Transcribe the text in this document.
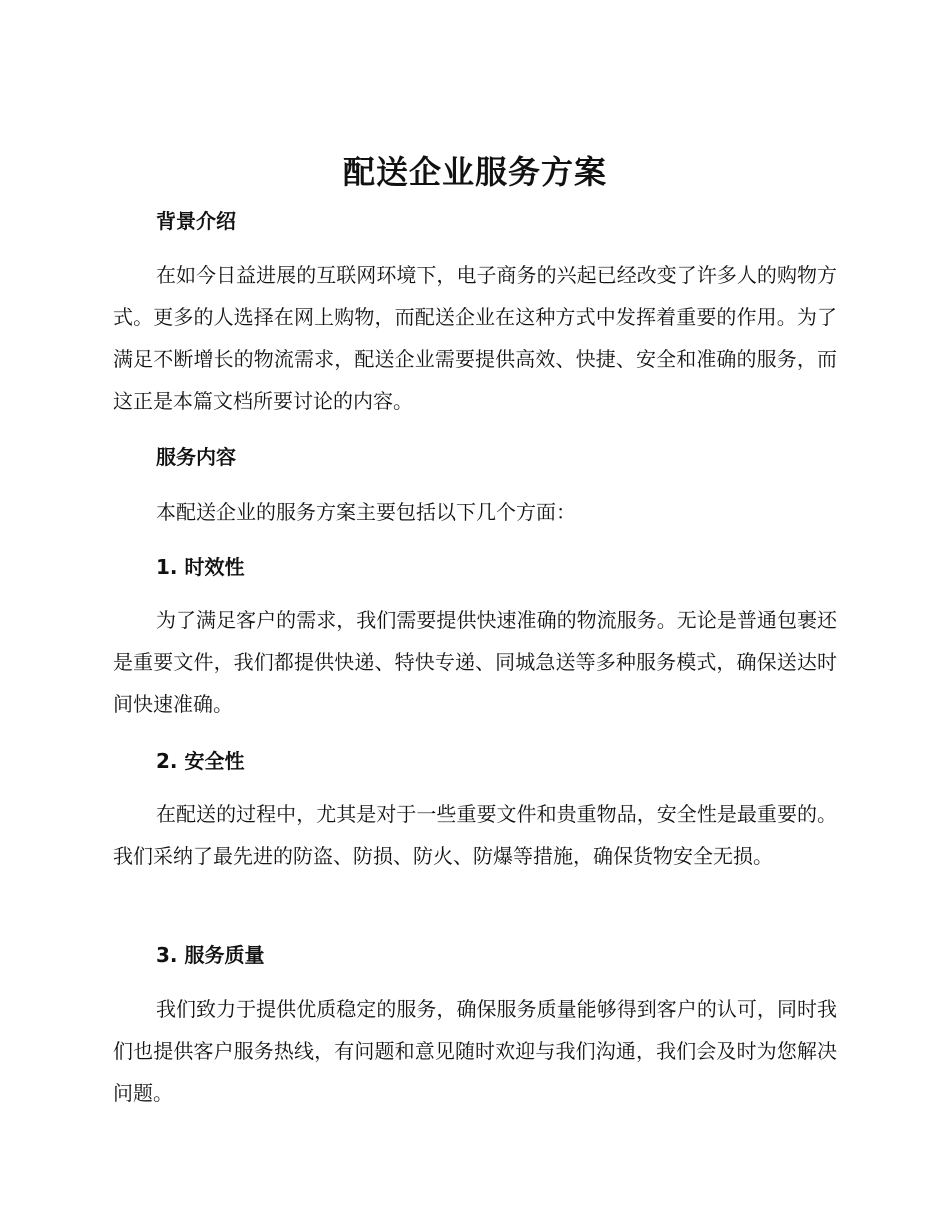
配送企业服务方案
背景介绍

在如今日益进展的互联网环境下，电子商务的兴起已经改变了许多人的购物方式。更多的人选择在网上购物，而配送企业在这种方式中发挥着重要的作用。为了满足不断增长的物流需求，配送企业需要提供高效、快捷、安全和准确的服务，而这正是本篇文档所要讨论的内容。

服务内容

本配送企业的服务方案主要包括以下几个方面：

1. 时效性

为了满足客户的需求，我们需要提供快速准确的物流服务。无论是普通包裹还是重要文件，我们都提供快递、特快专递、同城急送等多种服务模式，确保送达时间快速准确。

2. 安全性

在配送的过程中，尤其是对于一些重要文件和贵重物品，安全性是最重要的。我们采纳了最先进的防盗、防损、防火、防爆等措施，确保货物安全无损。

3. 服务质量

我们致力于提供优质稳定的服务，确保服务质量能够得到客户的认可，同时我们也提供客户服务热线，有问题和意见随时欢迎与我们沟通，我们会及时为您解决问题。
